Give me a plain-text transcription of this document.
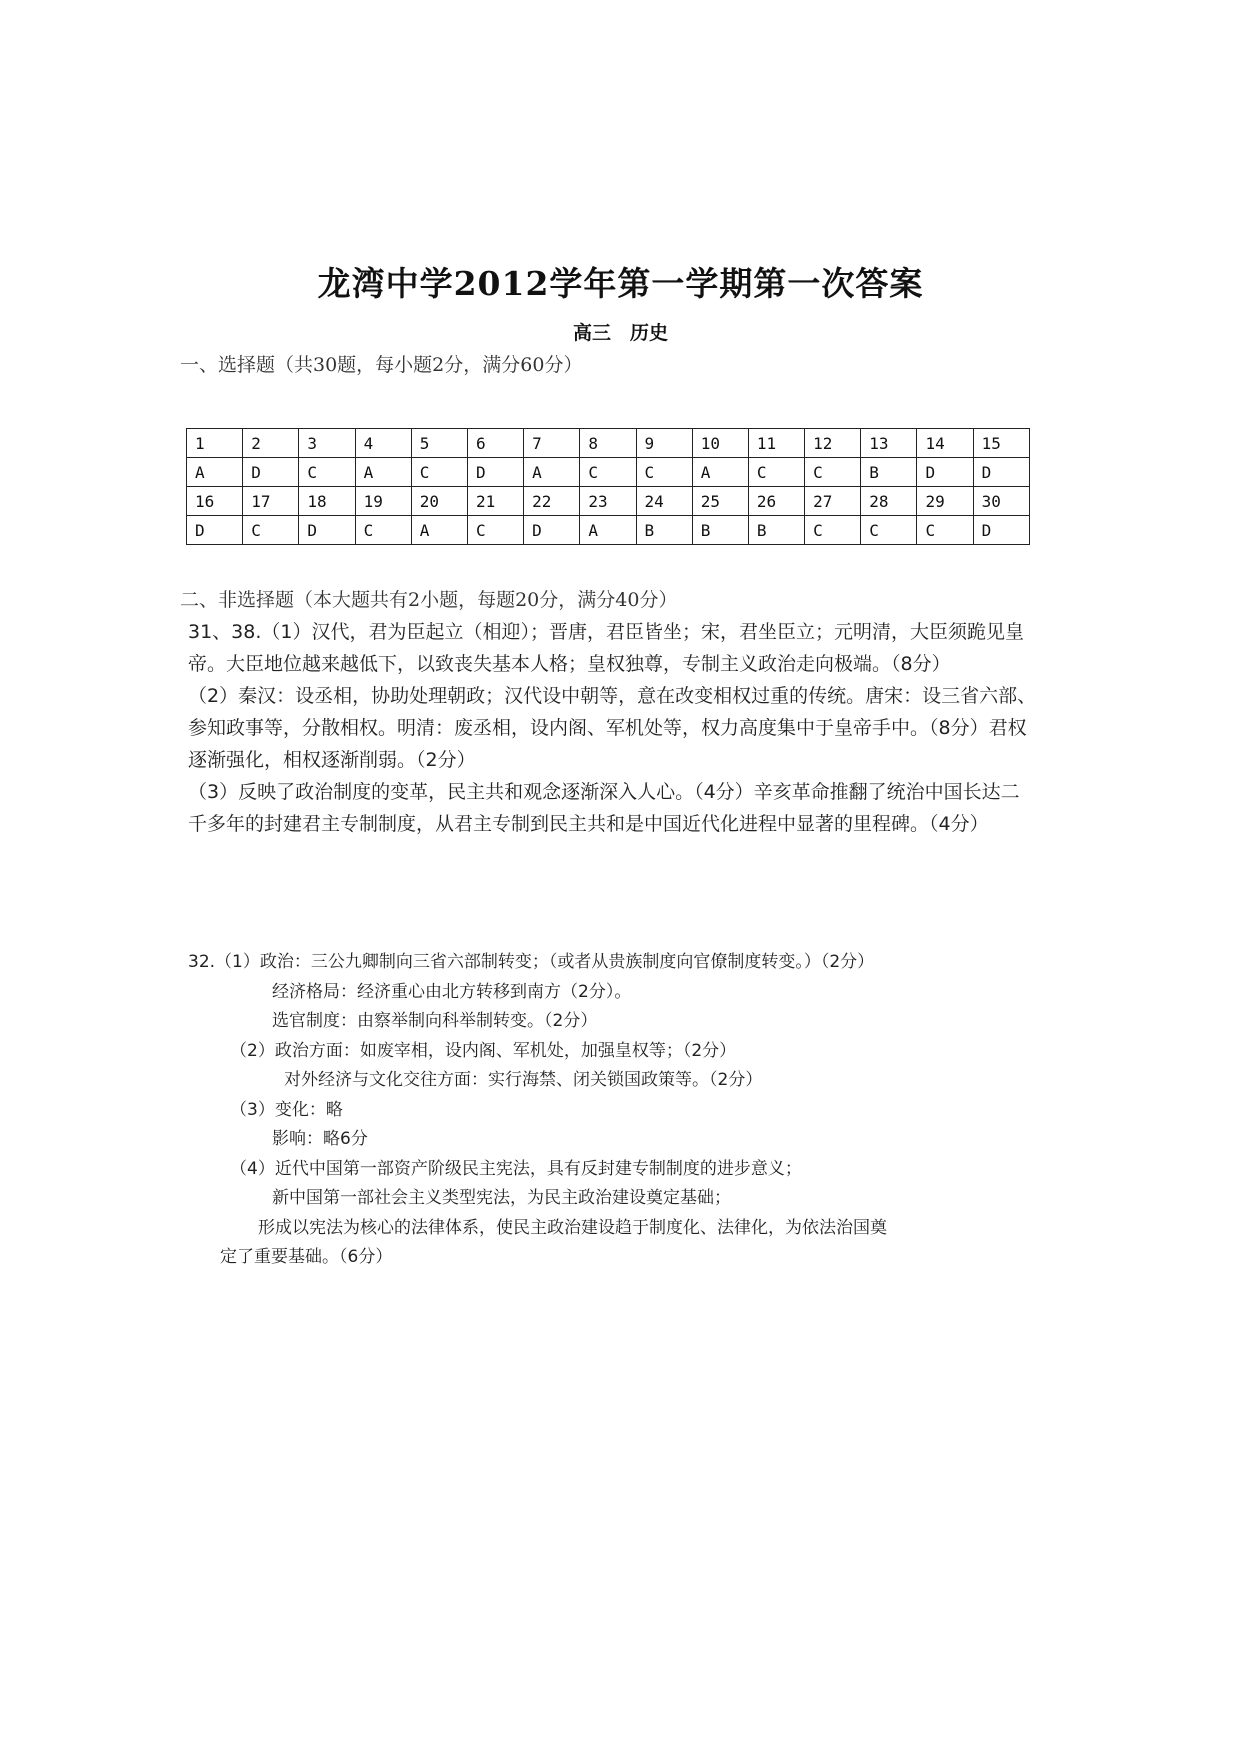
龙湾中学2012学年第一学期第一次答案
高三　历史
一、选择题（共30题，每小题2分，满分60分）
1	2	3	4	5	6	7	8	9	10	11	12	13	14	15
A	D	C	A	C	D	A	C	C	A	C	C	B	D	D
16	17	18	19	20	21	22	23	24	25	26	27	28	29	30
D	C	D	C	A	C	D	A	B	B	B	C	C	C	D
二、非选择题（本大题共有2小题，每题20分，满分40分）

31、38.（1）汉代，君为臣起立（相迎）；晋唐，君臣皆坐；宋，君坐臣立；元明清，大臣须跪见皇帝。大臣地位越来越低下，以致丧失基本人格；皇权独尊，专制主义政治走向极端。（8分）

（2）秦汉：设丞相，协助处理朝政；汉代设中朝等，意在改变相权过重的传统。唐宋：设三省六部、参知政事等，分散相权。明清：废丞相，设内阁、军机处等，权力高度集中于皇帝手中。（8分）君权逐渐强化，相权逐渐削弱。（2分）

（3）反映了政治制度的变革，民主共和观念逐渐深入人心。（4分）辛亥革命推翻了统治中国长达二千多年的封建君主专制制度，从君主专制到民主共和是中国近代化进程中显著的里程碑。（4分）

32.（1）政治：三公九卿制向三省六部制转变；（或者从贵族制度向官僚制度转变。）（2分）

经济格局：经济重心由北方转移到南方（2分）。

选官制度：由察举制向科举制转变。（2分）

（2）政治方面：如废宰相，设内阁、军机处，加强皇权等；（2分）

对外经济与文化交往方面：实行海禁、闭关锁国政策等。（2分）

（3）变化：略

影响：略6分

（4）近代中国第一部资产阶级民主宪法，具有反封建专制制度的进步意义；

新中国第一部社会主义类型宪法，为民主政治建设奠定基础；

形成以宪法为核心的法律体系，使民主政治建设趋于制度化、法律化，为依法治国奠

定了重要基础。（6分）
